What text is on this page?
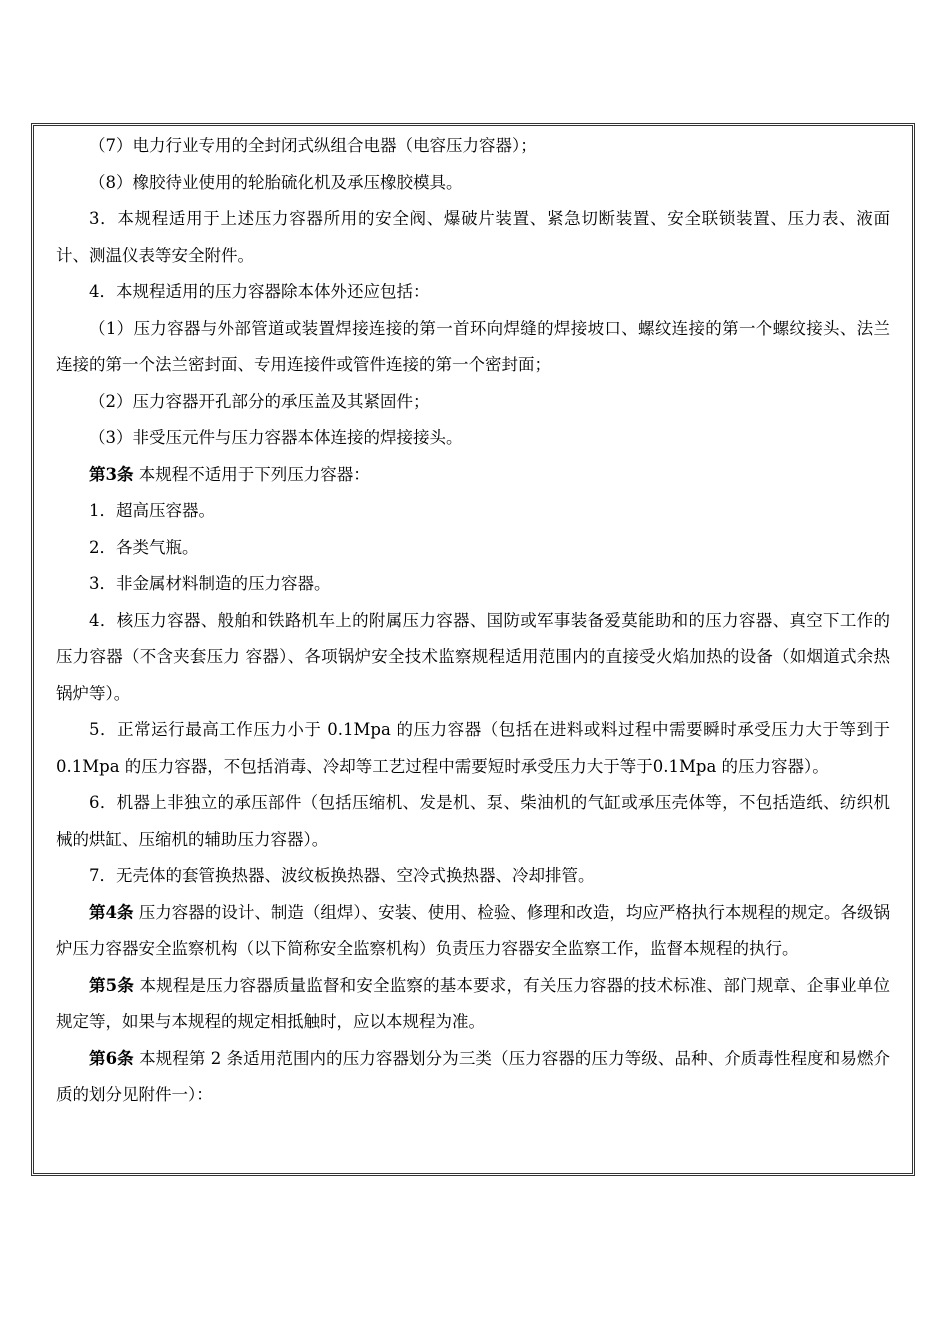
（7）电力行业专用的全封闭式纵组合电器（电容压力容器）；

（8）橡胶待业使用的轮胎硫化机及承压橡胶模具。

3．本规程适用于上述压力容器所用的安全阀、爆破片装置、紧急切断装置、安全联锁装置、压力表、液面计、测温仪表等安全附件。

4．本规程适用的压力容器除本体外还应包括：

（1）压力容器与外部管道或装置焊接连接的第一首环向焊缝的焊接坡口、螺纹连接的第一个螺纹接头、法兰连接的第一个法兰密封面、专用连接件或管件连接的第一个密封面；

（2）压力容器开孔部分的承压盖及其紧固件；

（3）非受压元件与压力容器本体连接的焊接接头。

第3条 本规程不适用于下列压力容器：

1．超高压容器。

2．各类气瓶。

3．非金属材料制造的压力容器。

4．核压力容器、般舶和铁路机车上的附属压力容器、国防或军事装备爱莫能助和的压力容器、真空下工作的压力容器（不含夹套压力 容器）、各项锅炉安全技术监察规程适用范围内的直接受火焰加热的设备（如烟道式余热锅炉等）。

5．正常运行最高工作压力小于 0.1Mpa 的压力容器（包括在进料或料过程中需要瞬时承受压力大于等到于 0.1Mpa 的压力容器，不包括消毒、冷却等工艺过程中需要短时承受压力大于等于0.1Mpa 的压力容器）。

6．机器上非独立的承压部件（包括压缩机、发是机、泵、柴油机的气缸或承压壳体等，不包括造纸、纺织机械的烘缸、压缩机的辅助压力容器）。

7．无壳体的套管换热器、波纹板换热器、空冷式换热器、冷却排管。

第4条 压力容器的设计、制造（组焊）、安装、使用、检验、修理和改造，均应严格执行本规程的规定。各级锅炉压力容器安全监察机构（以下简称安全监察机构）负责压力容器安全监察工作，监督本规程的执行。

第5条 本规程是压力容器质量监督和安全监察的基本要求，有关压力容器的技术标准、部门规章、企事业单位规定等，如果与本规程的规定相抵触时，应以本规程为准。

第6条 本规程第 2 条适用范围内的压力容器划分为三类（压力容器的压力等级、品种、介质毒性程度和易燃介质的划分见附件一）：
